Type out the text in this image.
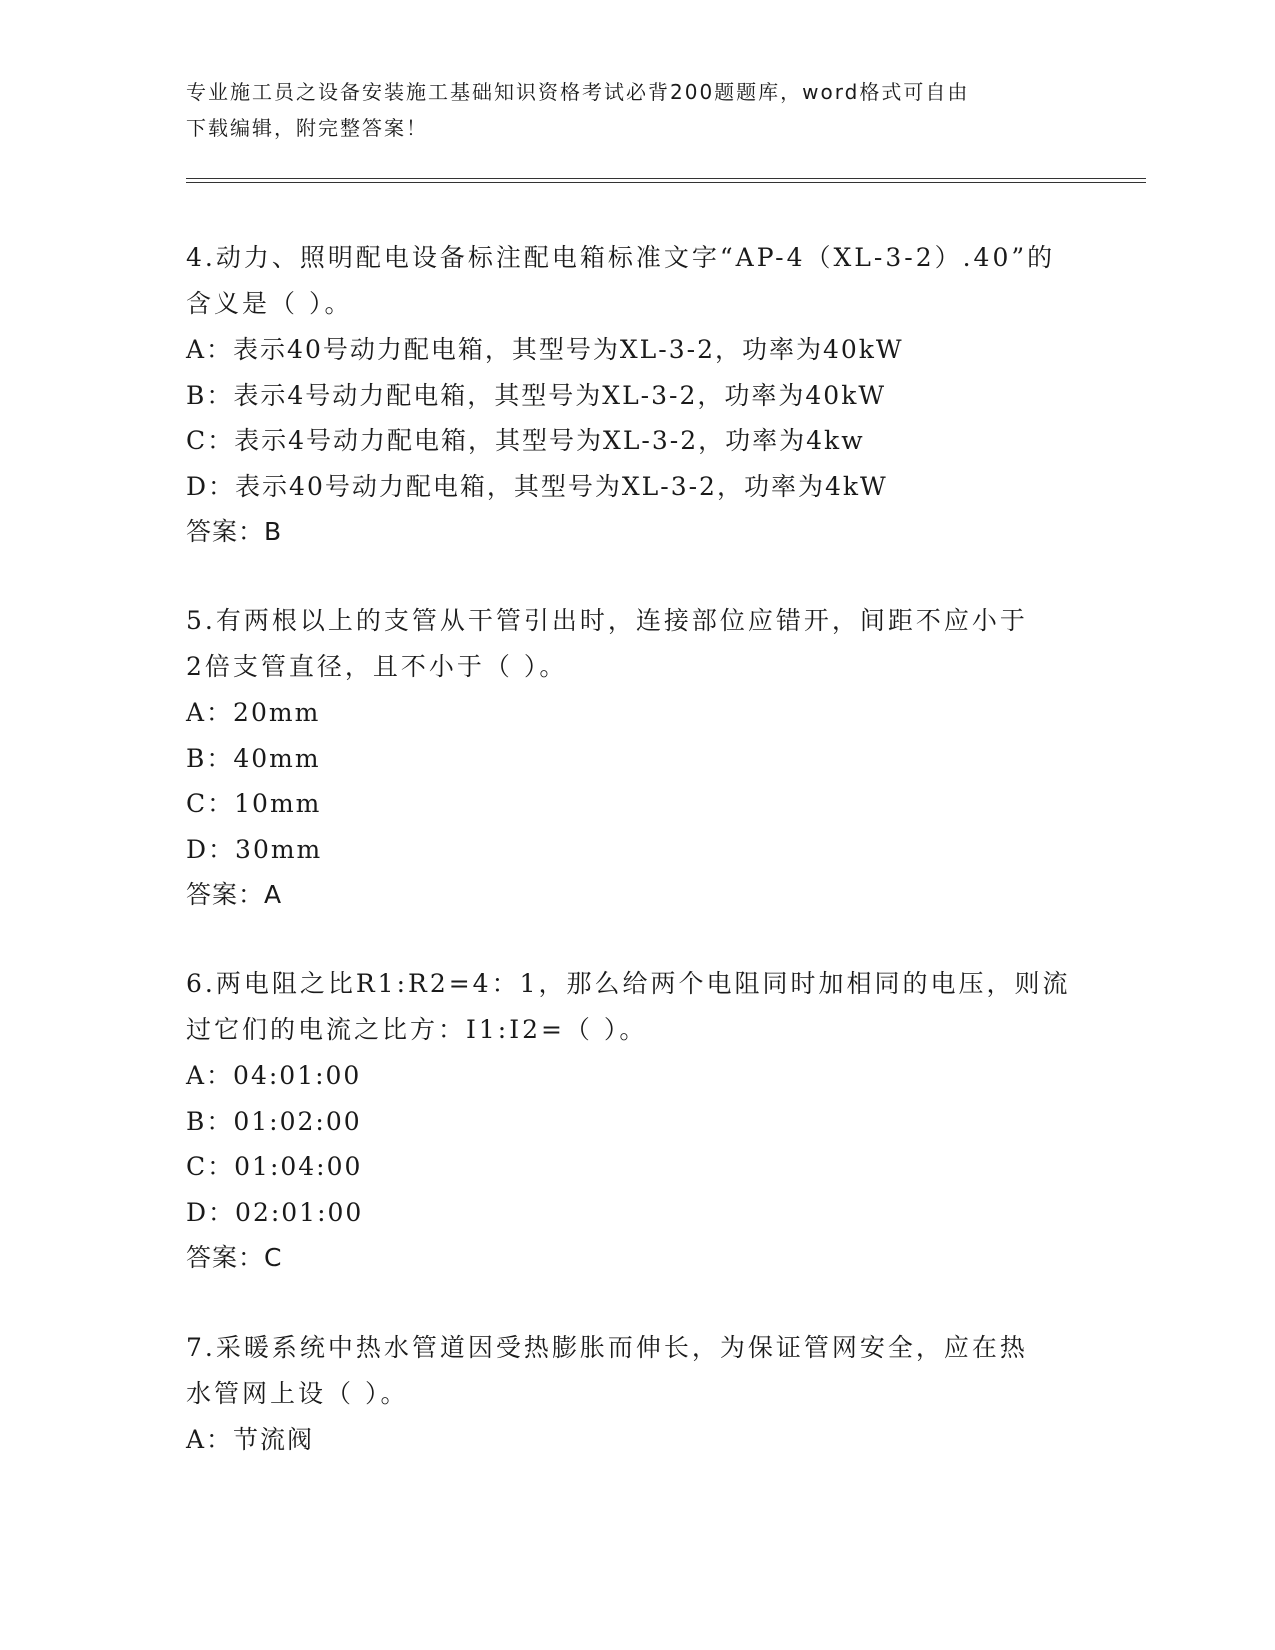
专业施工员之设备安装施工基础知识资格考试必背200题题库，word格式可自由
下载编辑，附完整答案！
4.动力、照明配电设备标注配电箱标准文字“AP-4（XL-3-2）.40”的
含义是（ ）。
A：表示40号动力配电箱，其型号为XL-3-2，功率为40kW
B：表示4号动力配电箱，其型号为XL-3-2，功率为40kW
C：表示4号动力配电箱，其型号为XL-3-2，功率为4kw
D：表示40号动力配电箱，其型号为XL-3-2，功率为4kW
答案：B
5.有两根以上的支管从干管引出时，连接部位应错开，间距不应小于
2倍支管直径，且不小于（ ）。
A：20mm
B：40mm
C：10mm
D：30mm
答案：A
6.两电阻之比R1:R2=4：1，那么给两个电阻同时加相同的电压，则流
过它们的电流之比方：I1:I2=（ ）。
A：04:01:00
B：01:02:00
C：01:04:00
D：02:01:00
答案：C
7.采暖系统中热水管道因受热膨胀而伸长，为保证管网安全，应在热
水管网上设（ ）。
A：节流阀
